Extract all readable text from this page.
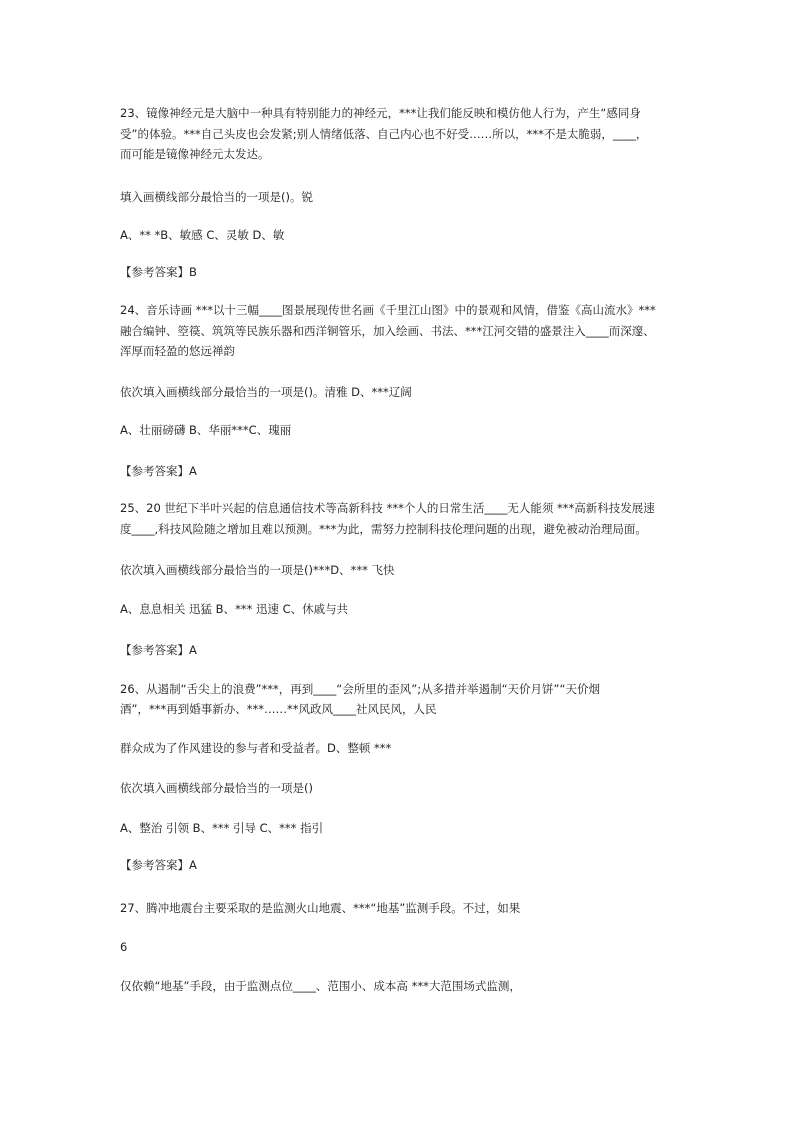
23、镜像神经元是大脑中一种具有特别能力的神经元，***让我们能反映和模仿他人行为，产生“感同身
受”的体验。***自己头皮也会发紧;别人情绪低落、自己内心也不好受……所以，***不是太脆弱，____，
而可能是镜像神经元太发达。
填入画横线部分最恰当的一项是()。锐
A、** *B、敏感 C、灵敏 D、敏
【参考答案】B
24、音乐诗画 ***以十三幅____图景展现传世名画《千里江山图》中的景观和风情，借鉴《高山流水》***
融合编钟、箜篌、筑筑等民族乐器和西洋铜管乐，加入绘画、书法、***江河交错的盛景注入____而深邃、
浑厚而轻盈的悠远禅韵
依次填入画横线部分最恰当的一项是()。清雅 D、***辽阔
A、壮丽磅礴 B、华丽***C、瑰丽
【参考答案】A
25、20 世纪下半叶兴起的信息通信技术等高新科技 ***个人的日常生活____无人能须 ***高新科技发展速
度____,科技风险随之增加且难以预测。***为此，需努力控制科技伦理问题的出现，避免被动治理局面。
依次填入画横线部分最恰当的一项是()***D、*** 飞快
A、息息相关 迅猛 B、*** 迅速 C、休戚与共
【参考答案】A
26、从遏制“舌尖上的浪费”***，再到____“会所里的歪风”;从多措并举遏制“天价月饼”“天价烟
酒”，***再到婚事新办、***……**风政风____社风民风，人民
群众成为了作风建设的参与者和受益者。D、整顿 ***
依次填入画横线部分最恰当的一项是()
A、整治 引领 B、*** 引导 C、*** 指引
【参考答案】A
27、腾冲地震台主要采取的是监测火山地震、***“地基”监测手段。不过，如果
6
仅依赖“地基”手段，由于监测点位____、范围小、成本高 ***大范围场式监测，
